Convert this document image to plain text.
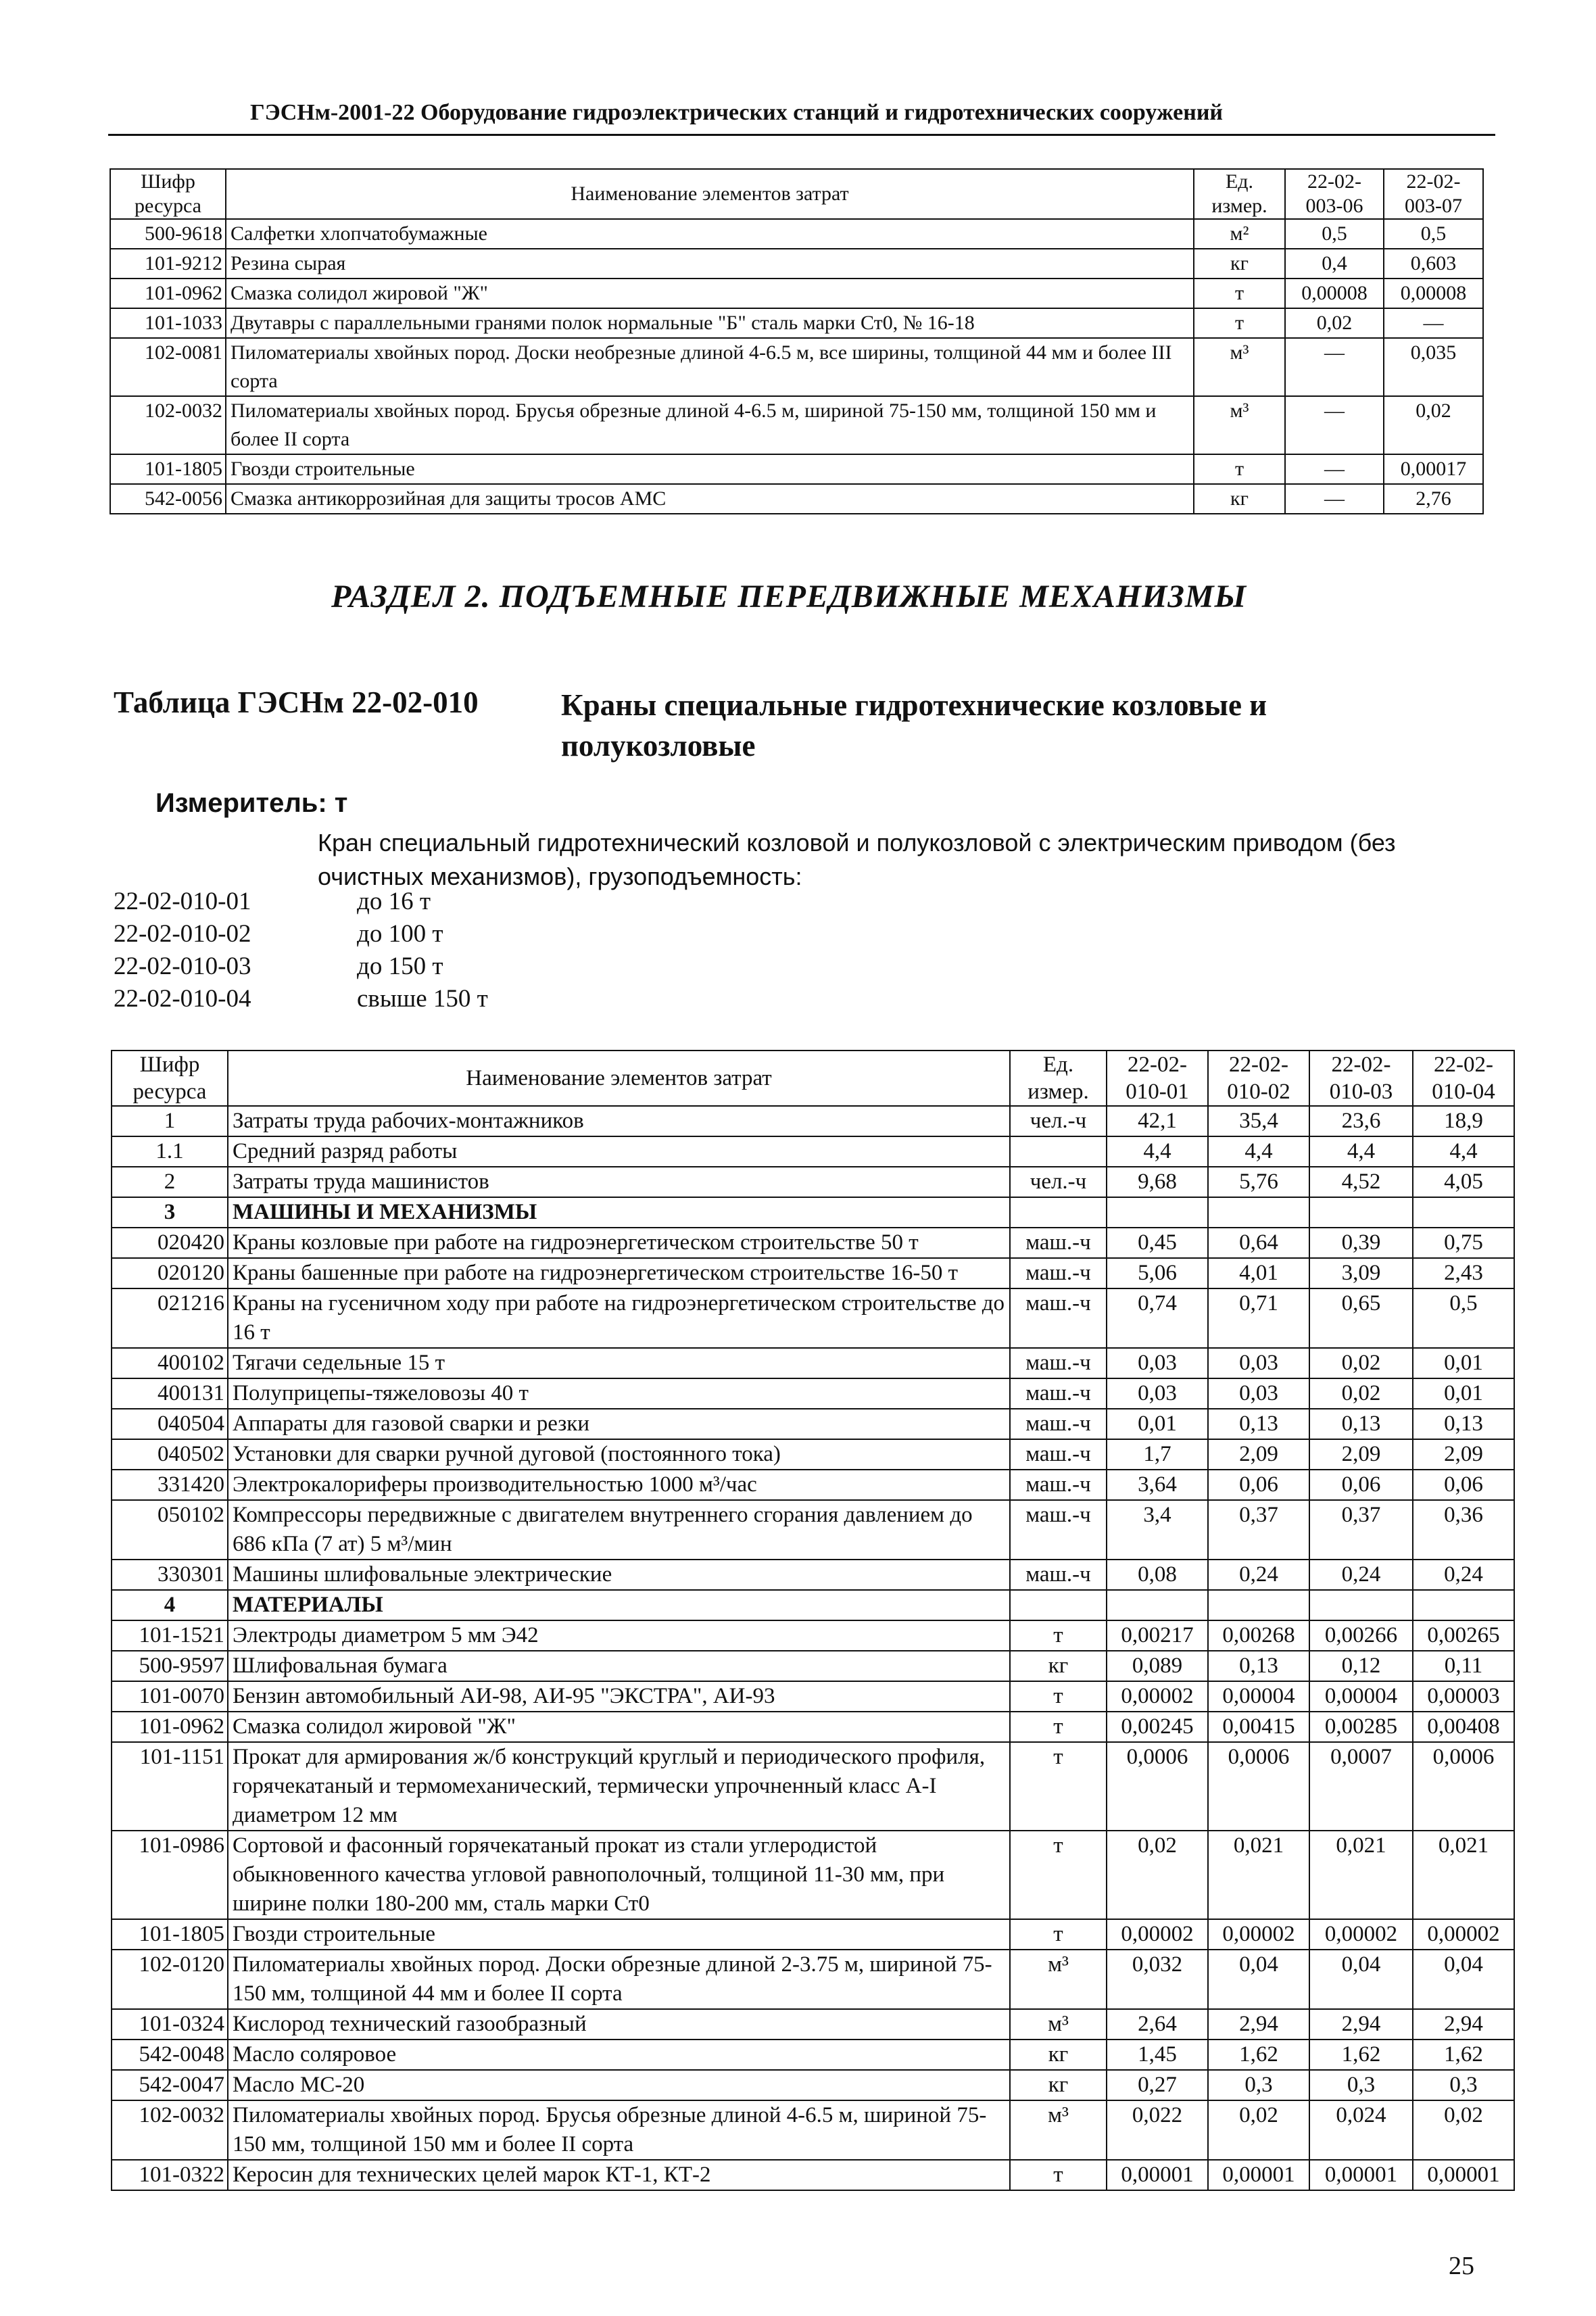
ГЭСНм-2001-22 Оборудование гидроэлектрических станций и гидротехнических сооружений
Шифр ресурса	Наименование элементов затрат	Ед. измер.	22-02-003-06	22-02-003-07
500-9618	Салфетки хлопчатобумажные	м²	0,5	0,5
101-9212	Резина сырая	кг	0,4	0,603
101-0962	Смазка солидол жировой "Ж"	т	0,00008	0,00008
101-1033	Двутавры с параллельными гранями полок нормальные "Б" сталь марки Ст0, № 16-18	т	0,02	—
102-0081	Пиломатериалы хвойных пород. Доски необрезные длиной 4-6.5 м, все ширины, толщиной 44 мм и более III сорта	м³	—	0,035
102-0032	Пиломатериалы хвойных пород. Брусья обрезные длиной 4-6.5 м, шириной 75-150 мм, толщиной 150 мм и более II сорта	м³	—	0,02
101-1805	Гвозди строительные	т	—	0,00017
542-0056	Смазка антикоррозийная для защиты тросов АМС	кг	—	2,76
РАЗДЕЛ 2. ПОДЪЕМНЫЕ ПЕРЕДВИЖНЫЕ МЕХАНИЗМЫ
Таблица ГЭСНм 22-02-010	Краны специальные гидротехнические козловые и полукозловые
Измеритель: т
Кран специальный гидротехнический козловой и полукозловой с электрическим приводом (без очистных механизмов), грузоподъемность:
22-02-010-01	до 16 т
22-02-010-02	до 100 т
22-02-010-03	до 150 т
22-02-010-04	свыше 150 т
Шифр ресурса	Наименование элементов затрат	Ед. измер.	22-02-010-01	22-02-010-02	22-02-010-03	22-02-010-04
1	Затраты труда рабочих-монтажников	чел.-ч	42,1	35,4	23,6	18,9
1.1	Средний разряд работы		4,4	4,4	4,4	4,4
2	Затраты труда машинистов	чел.-ч	9,68	5,76	4,52	4,05
3	МАШИНЫ И МЕХАНИЗМЫ					
020420	Краны козловые при работе на гидроэнергетическом строительстве 50 т	маш.-ч	0,45	0,64	0,39	0,75
020120	Краны башенные при работе на гидроэнергетическом строительстве 16-50 т	маш.-ч	5,06	4,01	3,09	2,43
021216	Краны на гусеничном ходу при работе на гидроэнергетическом строительстве до 16 т	маш.-ч	0,74	0,71	0,65	0,5
400102	Тягачи седельные 15 т	маш.-ч	0,03	0,03	0,02	0,01
400131	Полуприцепы-тяжеловозы 40 т	маш.-ч	0,03	0,03	0,02	0,01
040504	Аппараты для газовой сварки и резки	маш.-ч	0,01	0,13	0,13	0,13
040502	Установки для сварки ручной дуговой (постоянного тока)	маш.-ч	1,7	2,09	2,09	2,09
331420	Электрокалориферы производительностью 1000 м³/час	маш.-ч	3,64	0,06	0,06	0,06
050102	Компрессоры передвижные с двигателем внутреннего сгорания давлением до 686 кПа (7 ат) 5 м³/мин	маш.-ч	3,4	0,37	0,37	0,36
330301	Машины шлифовальные электрические	маш.-ч	0,08	0,24	0,24	0,24
4	МАТЕРИАЛЫ					
101-1521	Электроды диаметром 5 мм Э42	т	0,00217	0,00268	0,00266	0,00265
500-9597	Шлифовальная бумага	кг	0,089	0,13	0,12	0,11
101-0070	Бензин автомобильный АИ-98, АИ-95 "ЭКСТРА", АИ-93	т	0,00002	0,00004	0,00004	0,00003
101-0962	Смазка солидол жировой "Ж"	т	0,00245	0,00415	0,00285	0,00408
101-1151	Прокат для армирования ж/б конструкций круглый и периодического профиля, горячекатаный и термомеханический, термически упрочненный класс А-I диаметром 12 мм	т	0,0006	0,0006	0,0007	0,0006
101-0986	Сортовой и фасонный горячекатаный прокат из стали углеродистой обыкновенного качества угловой равнополочный, толщиной 11-30 мм, при ширине полки 180-200 мм, сталь марки Ст0	т	0,02	0,021	0,021	0,021
101-1805	Гвозди строительные	т	0,00002	0,00002	0,00002	0,00002
102-0120	Пиломатериалы хвойных пород. Доски обрезные длиной 2-3.75 м, шириной 75-150 мм, толщиной 44 мм и более II сорта	м³	0,032	0,04	0,04	0,04
101-0324	Кислород технический газообразный	м³	2,64	2,94	2,94	2,94
542-0048	Масло соляровое	кг	1,45	1,62	1,62	1,62
542-0047	Масло МС-20	кг	0,27	0,3	0,3	0,3
102-0032	Пиломатериалы хвойных пород. Брусья обрезные длиной 4-6.5 м, шириной 75-150 мм, толщиной 150 мм и более II сорта	м³	0,022	0,02	0,024	0,02
101-0322	Керосин для технических целей марок КТ-1, КТ-2	т	0,00001	0,00001	0,00001	0,00001
25
